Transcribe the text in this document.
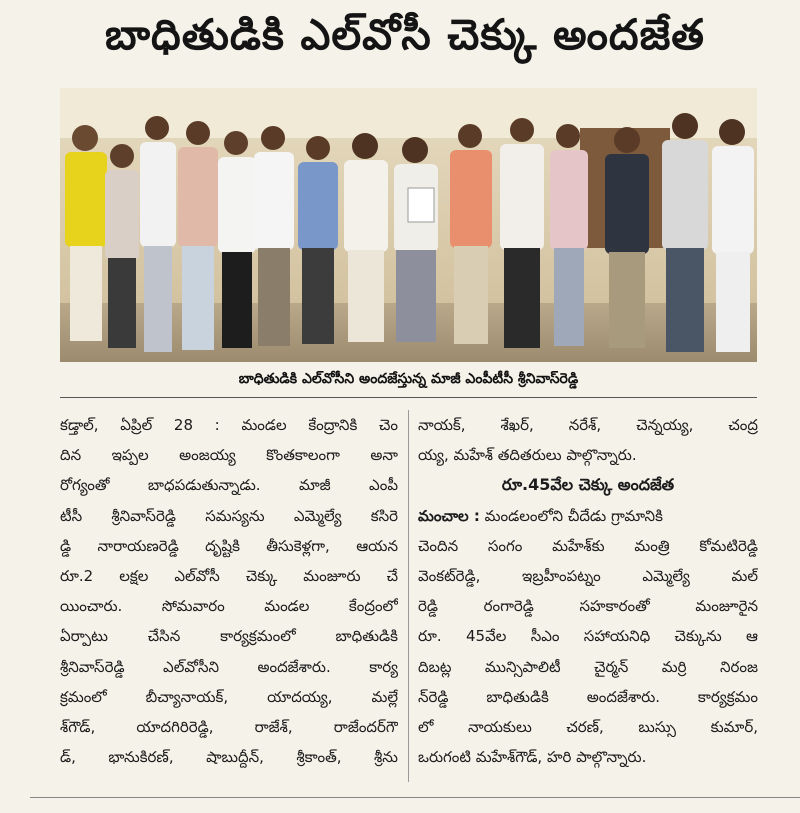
బాధితుడికి ఎల్‌వోసీ చెక్కు అందజేత
బాధితుడికి ఎల్‌వోసీని అందజేస్తున్న మాజీ ఎంపీటీసీ శ్రీనివాస్‌రెడ్డి
కడ్తాల్, ఏప్రిల్ 28 : మండల కేంద్రానికి చెం
దిన ఇప్పల అంజయ్య కొంతకాలంగా అనా
రోగ్యంతో బాధపడుతున్నాడు. మాజీ ఎంపీ
టీసీ శ్రీనివాస్‌రెడ్డి సమస్యను ఎమ్మెల్యే కసిరె
డ్డి నారాయణరెడ్డి దృష్టికి తీసుకెళ్లగా, ఆయన
రూ.2 లక్షల ఎల్‌వోసీ చెక్కు మంజూరు చే
యించారు. సోమవారం మండల కేంద్రంలో
ఏర్పాటు చేసిన కార్యక్రమంలో బాధితుడికి
శ్రీనివాస్‌రెడ్డి ఎల్‌వోసీని అందజేశారు. కార్య
క్రమంలో బీచ్యానాయక్, యాదయ్య, మల్లే
శ్‌గౌడ్, యాదగిరిరెడ్డి, రాజేశ్, రాజేందర్‌గౌ
డ్, భానుకిరణ్, షాబుద్దీన్, శ్రీకాంత్, శ్రీను
నాయక్, శేఖర్, నరేశ్, చెన్నయ్య, చంద్ర
య్య, మహేశ్ తదితరులు పాల్గొన్నారు.
రూ.45వేల చెక్కు అందజేత
మంచాల : మండలంలోని చీదేడు గ్రామానికి
చెందిన సంగం మహేశ్‌కు మంత్రి కోమటిరెడ్డి
వెంకట్‌రెడ్డి, ఇబ్రహీంపట్నం ఎమ్మెల్యే మల్
రెడ్డి రంగారెడ్డి సహకారంతో మంజూరైన
రూ. 45వేల సీఎం సహాయనిధి చెక్కును ఆ
దిబట్ల మున్సిపాలిటీ చైర్మన్ మర్రి నిరంజ
న్‌రెడ్డి బాధితుడికి అందజేశారు. కార్యక్రమం
లో నాయకులు చరణ్, బుస్సు కుమార్,
ఒరుగంటి మహేశ్‌గౌడ్, హరి పాల్గొన్నారు.
